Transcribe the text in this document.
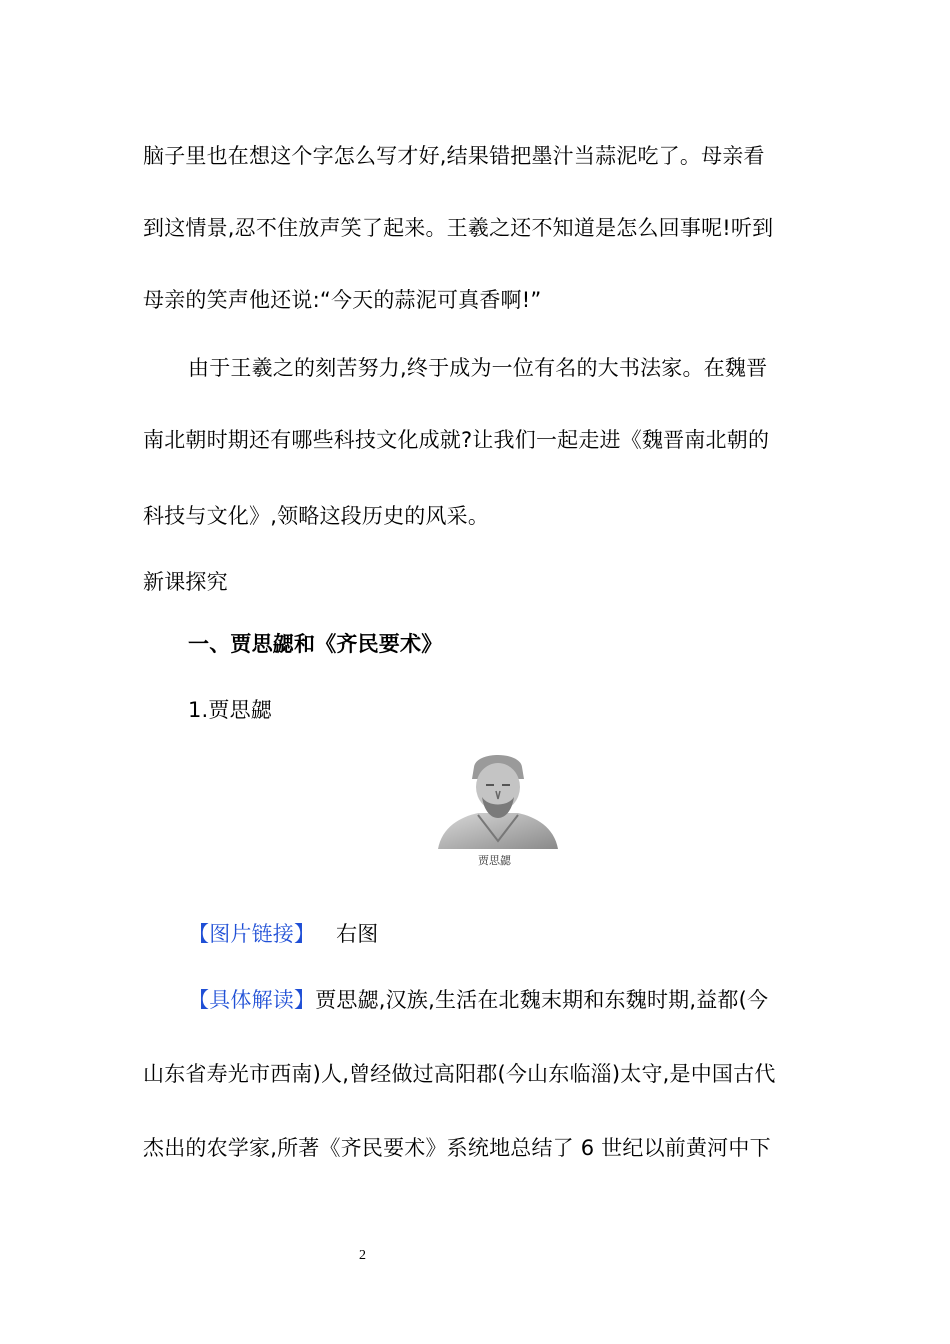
脑子里也在想这个字怎么写才好,结果错把墨汁当蒜泥吃了。母亲看
到这情景,忍不住放声笑了起来。王羲之还不知道是怎么回事呢!听到
母亲的笑声他还说:“今天的蒜泥可真香啊!”
由于王羲之的刻苦努力,终于成为一位有名的大书法家。在魏晋
南北朝时期还有哪些科技文化成就?让我们一起走进《魏晋南北朝的
科技与文化》,领略这段历史的风采。
新课探究
一、贾思勰和《齐民要术》
1.贾思勰
贾思勰
【图片链接】 右图
【具体解读】贾思勰,汉族,生活在北魏末期和东魏时期,益都(今
山东省寿光市西南)人,曾经做过高阳郡(今山东临淄)太守,是中国古代
杰出的农学家,所著《齐民要术》系统地总结了 6 世纪以前黄河中下
2
